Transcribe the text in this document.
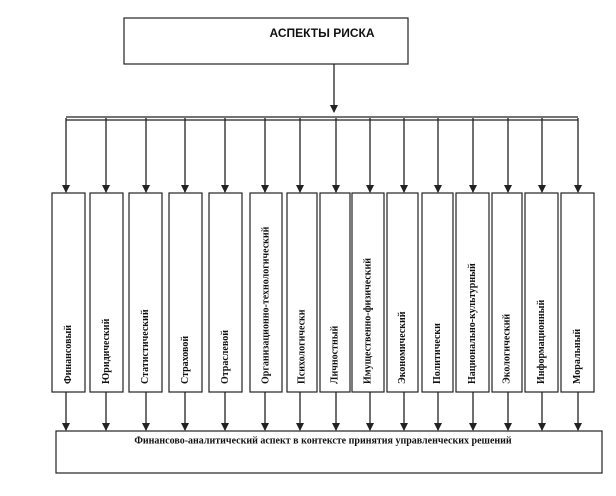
АСПЕКТЫ РИСКА
Финансовый	Юридический	Статистический	Страховой	Отраслевой	Организационно-технологический	Психологически Личностный Имущественно-физический Экономический Политически Национально-культурный Экологический Информационный	Моральный
Финансово-аналитический аспект в контексте принятия управленческих решений
